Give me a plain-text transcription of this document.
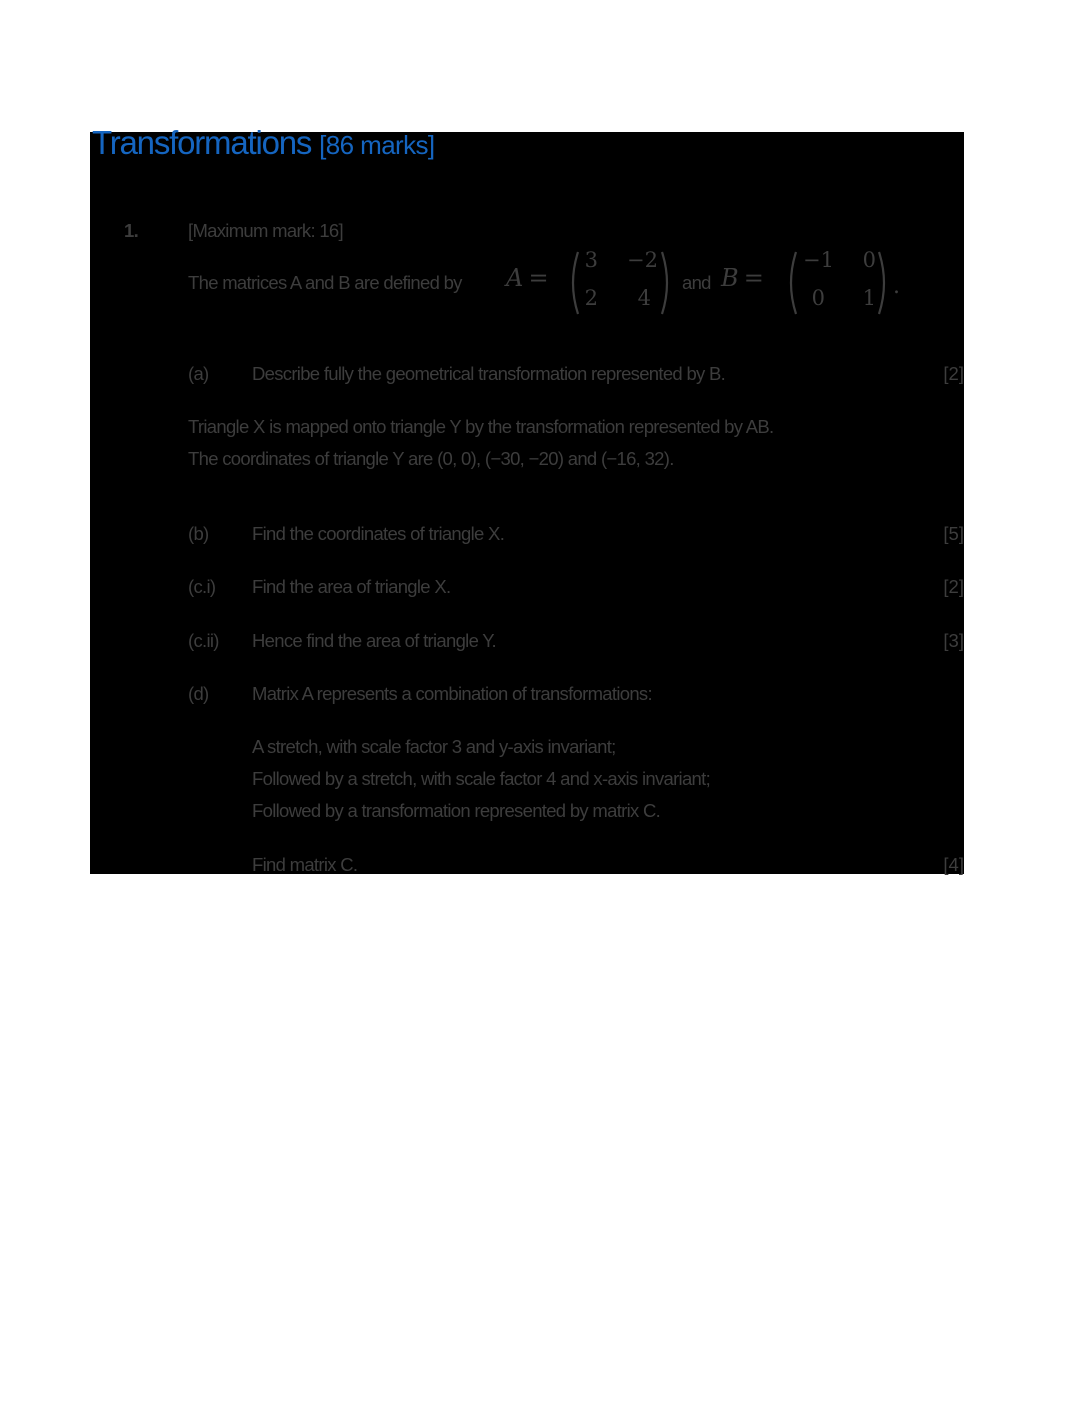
Transformations [86 marks]
1.	[Maximum mark: 16]
The matrices A and B are defined by A =
3	−2
2	4
and B =
−1	0
0	1 .
(a) Describe fully the geometrical transformation represented by B.	[2]
Triangle X is mapped onto triangle Y by the transformation represented by AB.
The coordinates of triangle Y are (0, 0), (−30, −20) and (−16, 32).
(b) Find the coordinates of triangle X.	[5]
(c.i) Find the area of triangle X.	[2]
(c.ii) Hence find the area of triangle Y.	[3]
(d) Matrix A represents a combination of transformations:
A stretch, with scale factor 3 and y-axis invariant;
Followed by a stretch, with scale factor 4 and x-axis invariant;
Followed by a transformation represented by matrix C.
Find matrix C.	[4]
